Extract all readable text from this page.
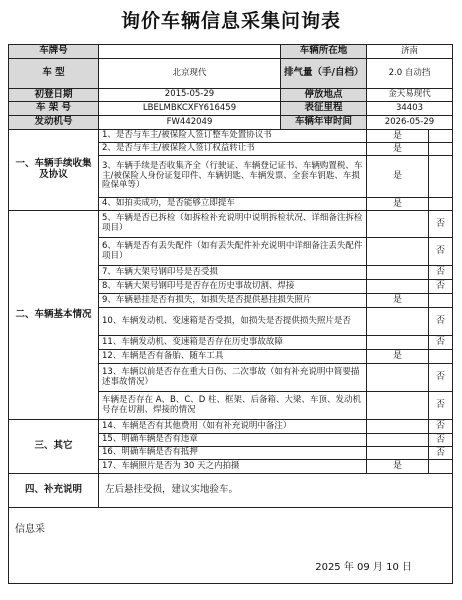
询价车辆信息采集问询表
车牌号		车辆所在地	济南	
车 型	北京现代	排气量（手/自档）	2.0 自动挡	
初登日期	2015-05-29	停放地点	金天易现代	
车 架 号	LBELMBKCXFY616459	表征里程	34403	
发动机号	FW442049	车辆年审时间	2026-05-29	
一、车辆手续收集及协议	1、是否与车主/被保险人签订整车处置协议书		是	
	2、是否与车主/被保险人签订权益转让书		是	
	3、车辆手续是否收集齐全（行驶证、车辆登记证书、车辆购置税、车主/被保险人身份证复印件、车辆钥匙、车辆发票、全套车钥匙、车损险保单等）		是	
	4、如拍卖成功，是否能够立即提车		是	
二、车辆基本情况	5、车辆是否已拆检（如拆检补充说明中说明拆检状况、详细备注拆检项目）			否
	6、车辆是否有丢失配件（如有丢失配件补充说明中详细备注丢失配件项目）			否
	7、车辆大架号钢印号是否受损			否
	8、车辆大架号钢印号是否存在历史事故切割、焊接			否
	9、车辆悬挂是否有损失，如损失是否提供悬挂损失照片		是	
	10、车辆发动机、变速箱是否受损，如损失是否提供损失照片是否			否
	11、车辆发动机、变速箱是否存在历史事故故障			否
	12、车辆是否有备胎、随车工具		是	
	13、车辆以前是否存在重大日伤、二次事故（如有补充说明中简要描述事故情况）			否
	车辆是否存在 A、B、C、D 柱、框架、后备箱、大梁、车顶、发动机号存在切割、焊接的情况			否
三、其它	14、车辆是否有其他费用（如有补充说明中备注）			否
	15、明确车辆是否有违章			否
	16、明确车辆是否有抵押			否
	17、车辆照片是否为 30 天之内拍摄		是	
四、补充说明	左后悬挂受损，建议实地验车。			

信息采
2025 年 09 月 10 日				
